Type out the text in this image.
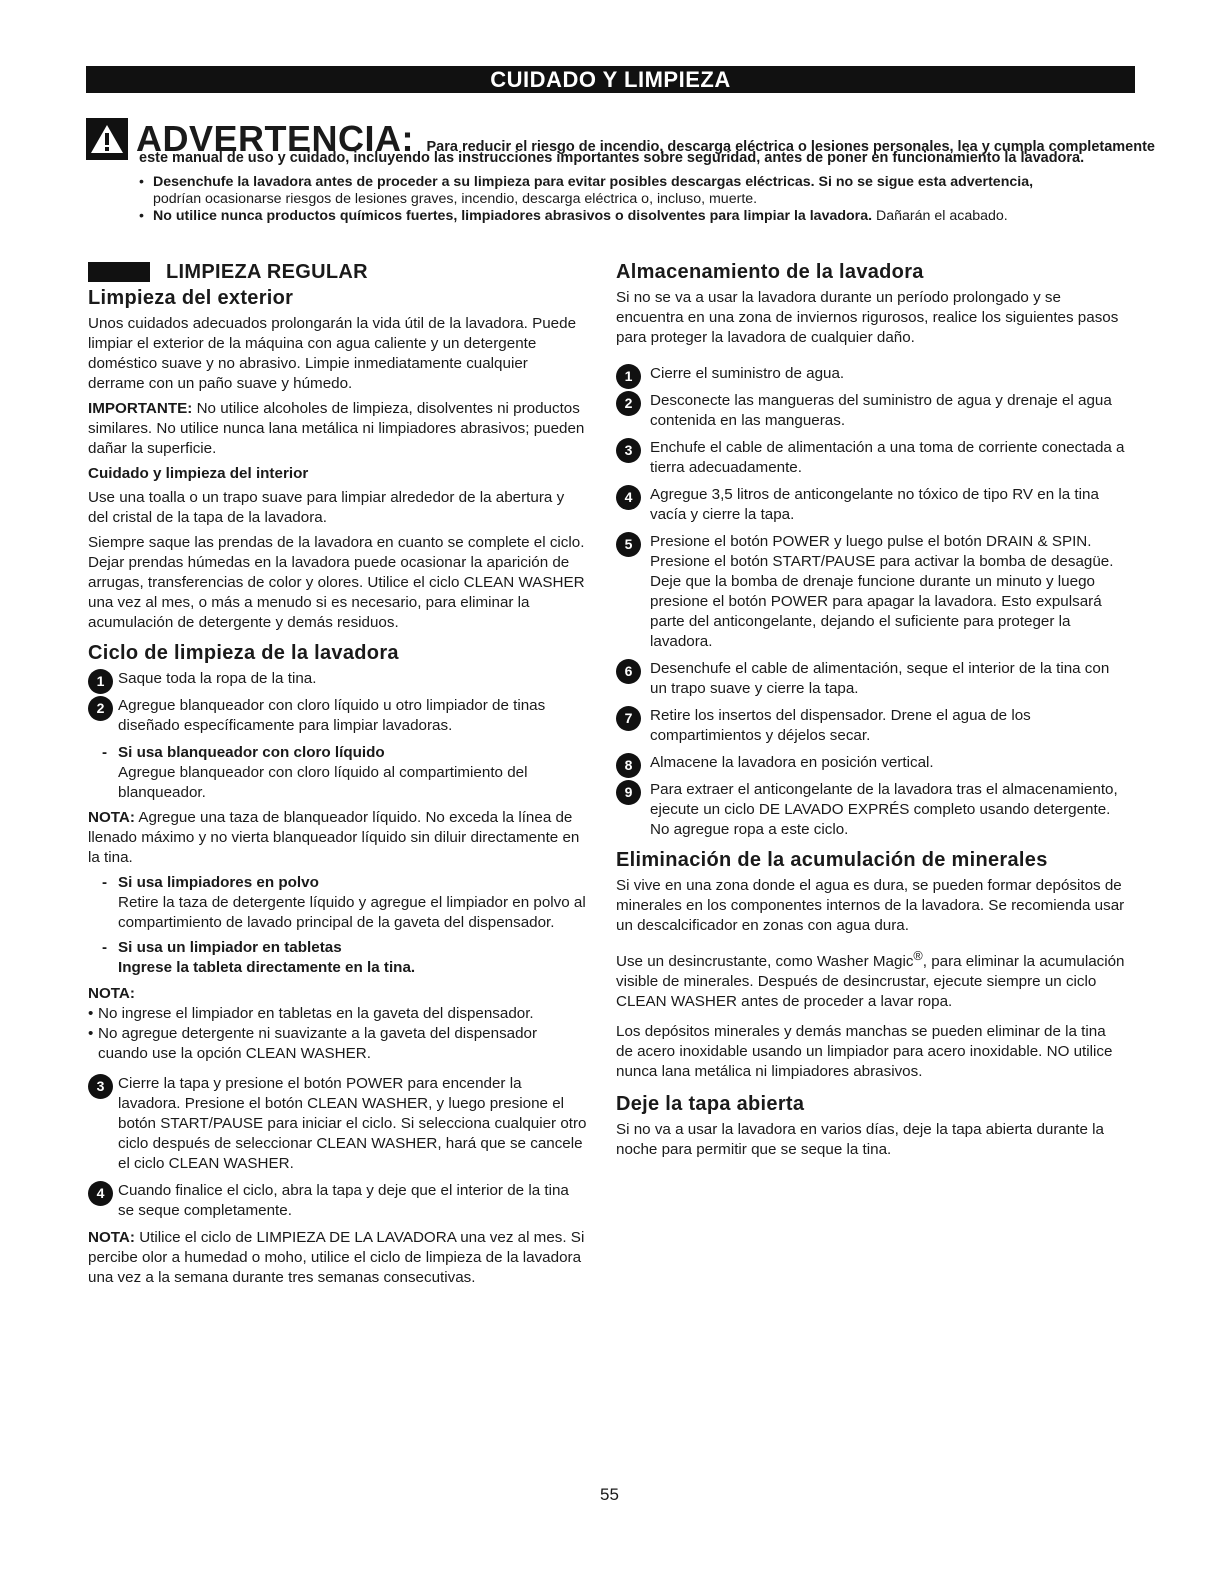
CUIDADO Y LIMPIEZA
ADVERTENCIA: Para reducir el riesgo de incendio, descarga eléctrica o lesiones personales, lea y cumpla completamente
este manual de uso y cuidado, incluyendo las instrucciones importantes sobre seguridad, antes de poner en funcionamiento la lavadora.
• Desenchufe la lavadora antes de proceder a su limpieza para evitar posibles descargas eléctricas. Si no se sigue esta advertencia,
podrían ocasionarse riesgos de lesiones graves, incendio, descarga eléctrica o, incluso, muerte.
• No utilice nunca productos químicos fuertes, limpiadores abrasivos o disolventes para limpiar la lavadora. Dañarán el acabado.
LIMPIEZA REGULAR
Limpieza del exterior

Unos cuidados adecuados prolongarán la vida útil de la lavadora. Puede limpiar el exterior de la máquina con agua caliente y un detergente doméstico suave y no abrasivo. Limpie inmediatamente cualquier derrame con un paño suave y húmedo.

IMPORTANTE: No utilice alcoholes de limpieza, disolventes ni productos similares. No utilice nunca lana metálica ni limpiadores abrasivos; pueden dañar la superficie.

Cuidado y limpieza del interior

Use una toalla o un trapo suave para limpiar alrededor de la abertura y del cristal de la tapa de la lavadora.

Siempre saque las prendas de la lavadora en cuanto se complete el ciclo. Dejar prendas húmedas en la lavadora puede ocasionar la aparición de arrugas, transferencias de color y olores. Utilice el ciclo CLEAN WASHER una vez al mes, o más a menudo si es necesario, para eliminar la acumulación de detergente y demás residuos.

Ciclo de limpieza de la lavadora
1 Saque toda la ropa de la tina.
2 Agregue blanqueador con cloro líquido u otro limpiador de tinas diseñado específicamente para limpiar lavadoras.
- Si usa blanqueador con cloro líquido
Agregue blanqueador con cloro líquido al compartimiento del blanqueador.

NOTA: Agregue una taza de blanqueador líquido. No exceda la línea de llenado máximo y no vierta blanqueador líquido sin diluir directamente en la tina.

- Si usa limpiadores en polvo
Retire la taza de detergente líquido y agregue el limpiador en polvo al compartimiento de lavado principal de la gaveta del dispensador.
- Si usa un limpiador en tabletas
Ingrese la tableta directamente en la tina.
NOTA:
• No ingrese el limpiador en tabletas en la gaveta del dispensador.
• No agregue detergente ni suavizante a la gaveta del dispensador cuando use la opción CLEAN WASHER.
3 Cierre la tapa y presione el botón POWER para encender la lavadora. Presione el botón CLEAN WASHER, y luego presione el botón START/PAUSE para iniciar el ciclo. Si selecciona cualquier otro ciclo después de seleccionar CLEAN WASHER, hará que se cancele el ciclo CLEAN WASHER.
4 Cuando finalice el ciclo, abra la tapa y deje que el interior de la tina se seque completamente.

NOTA: Utilice el ciclo de LIMPIEZA DE LA LAVADORA una vez al mes. Si percibe olor a humedad o moho, utilice el ciclo de limpieza de la lavadora una vez a la semana durante tres semanas consecutivas.

Almacenamiento de la lavadora

Si no se va a usar la lavadora durante un período prolongado y se encuentra en una zona de inviernos rigurosos, realice los siguientes pasos para proteger la lavadora de cualquier daño.

1	Cierre el suministro de agua.
2	Desconecte las mangueras del suministro de agua y drenaje el agua contenida en las mangueras.
3	Enchufe el cable de alimentación a una toma de corriente conectada a tierra adecuadamente.
4	Agregue 3,5 litros de anticongelante no tóxico de tipo RV en la tina vacía y cierre la tapa.
5	Presione el botón POWER y luego pulse el botón DRAIN & SPIN. Presione el botón START/PAUSE para activar la bomba de desagüe. Deje que la bomba de drenaje funcione durante un minuto y luego presione el botón POWER para apagar la lavadora. Esto expulsará parte del anticongelante, dejando el suficiente para proteger la lavadora.
6	Desenchufe el cable de alimentación, seque el interior de la tina con un trapo suave y cierre la tapa.
7	Retire los insertos del dispensador. Drene el agua de los compartimientos y déjelos secar.
8	Almacene la lavadora en posición vertical.
9	Para extraer el anticongelante de la lavadora tras el almacenamiento, ejecute un ciclo DE LAVADO EXPRÉS completo usando detergente. No agregue ropa a este ciclo.
Eliminación de la acumulación de minerales

Si vive en una zona donde el agua es dura, se pueden formar depósitos de minerales en los componentes internos de la lavadora. Se recomienda usar un descalcificador en zonas con agua dura.

Use un desincrustante, como Washer Magic®, para eliminar la acumulación visible de minerales. Después de desincrustar, ejecute siempre un ciclo CLEAN WASHER antes de proceder a lavar ropa.

Los depósitos minerales y demás manchas se pueden eliminar de la tina de acero inoxidable usando un limpiador para acero inoxidable. NO utilice nunca lana metálica ni limpiadores abrasivos.

Deje la tapa abierta

Si no va a usar la lavadora en varios días, deje la tapa abierta durante la noche para permitir que se seque la tina.

55
